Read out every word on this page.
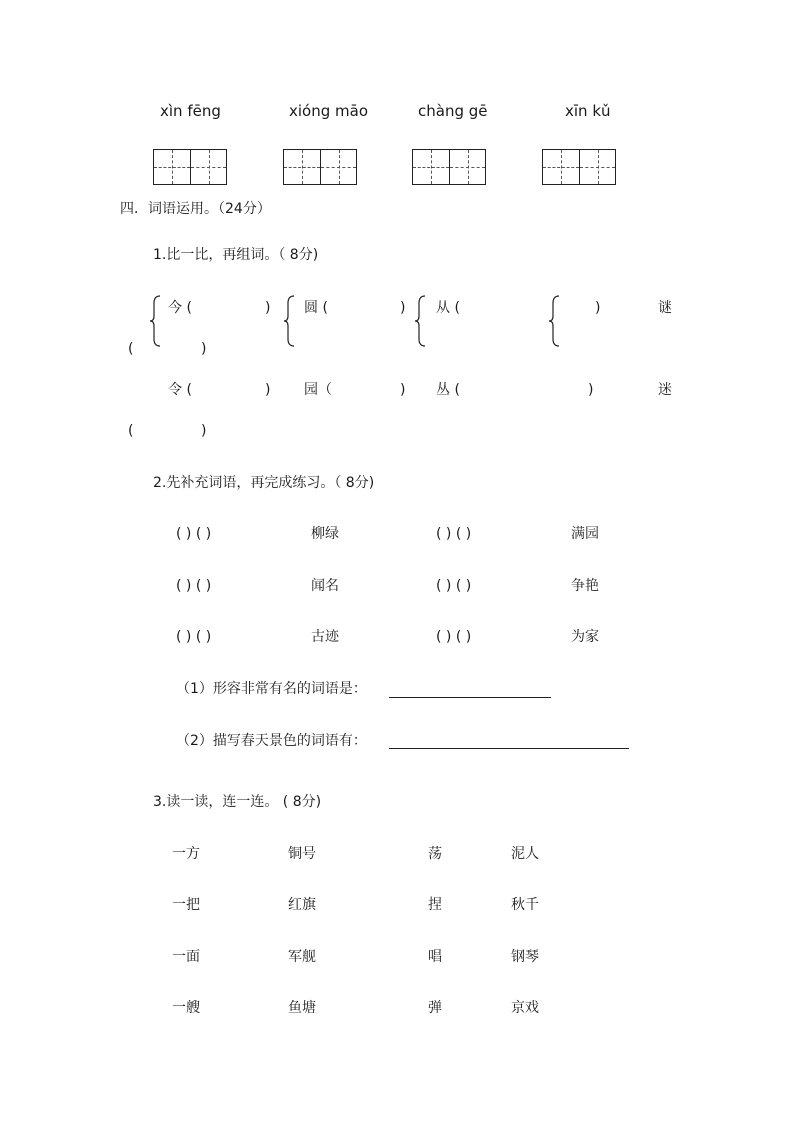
xìn fēng	xióng māo	chàng gē	xīn kǔ
四．词语运用。（24分）
1.比一比，再组词。（ 8分)
今 (	) 圆 (	) 从 (	)	谜
(	)
令 (	) 园（	) 丛 (	)	迷
(	)
2.先补充词语，再完成练习。（ 8分)
( ) ( )	柳绿	( ) ( )	满园
( ) ( )	闻名	( ) ( )	争艳
( ) ( )	古迹	( ) ( )	为家
（1）形容非常有名的词语是：
（2）描写春天景色的词语有：
3.读一读，连一连。 ( 8分)
一方	铜号	荡	泥人
一把	红旗	捏	秋千
一面	军舰	唱	钢琴
一艘	鱼塘	弹	京戏
